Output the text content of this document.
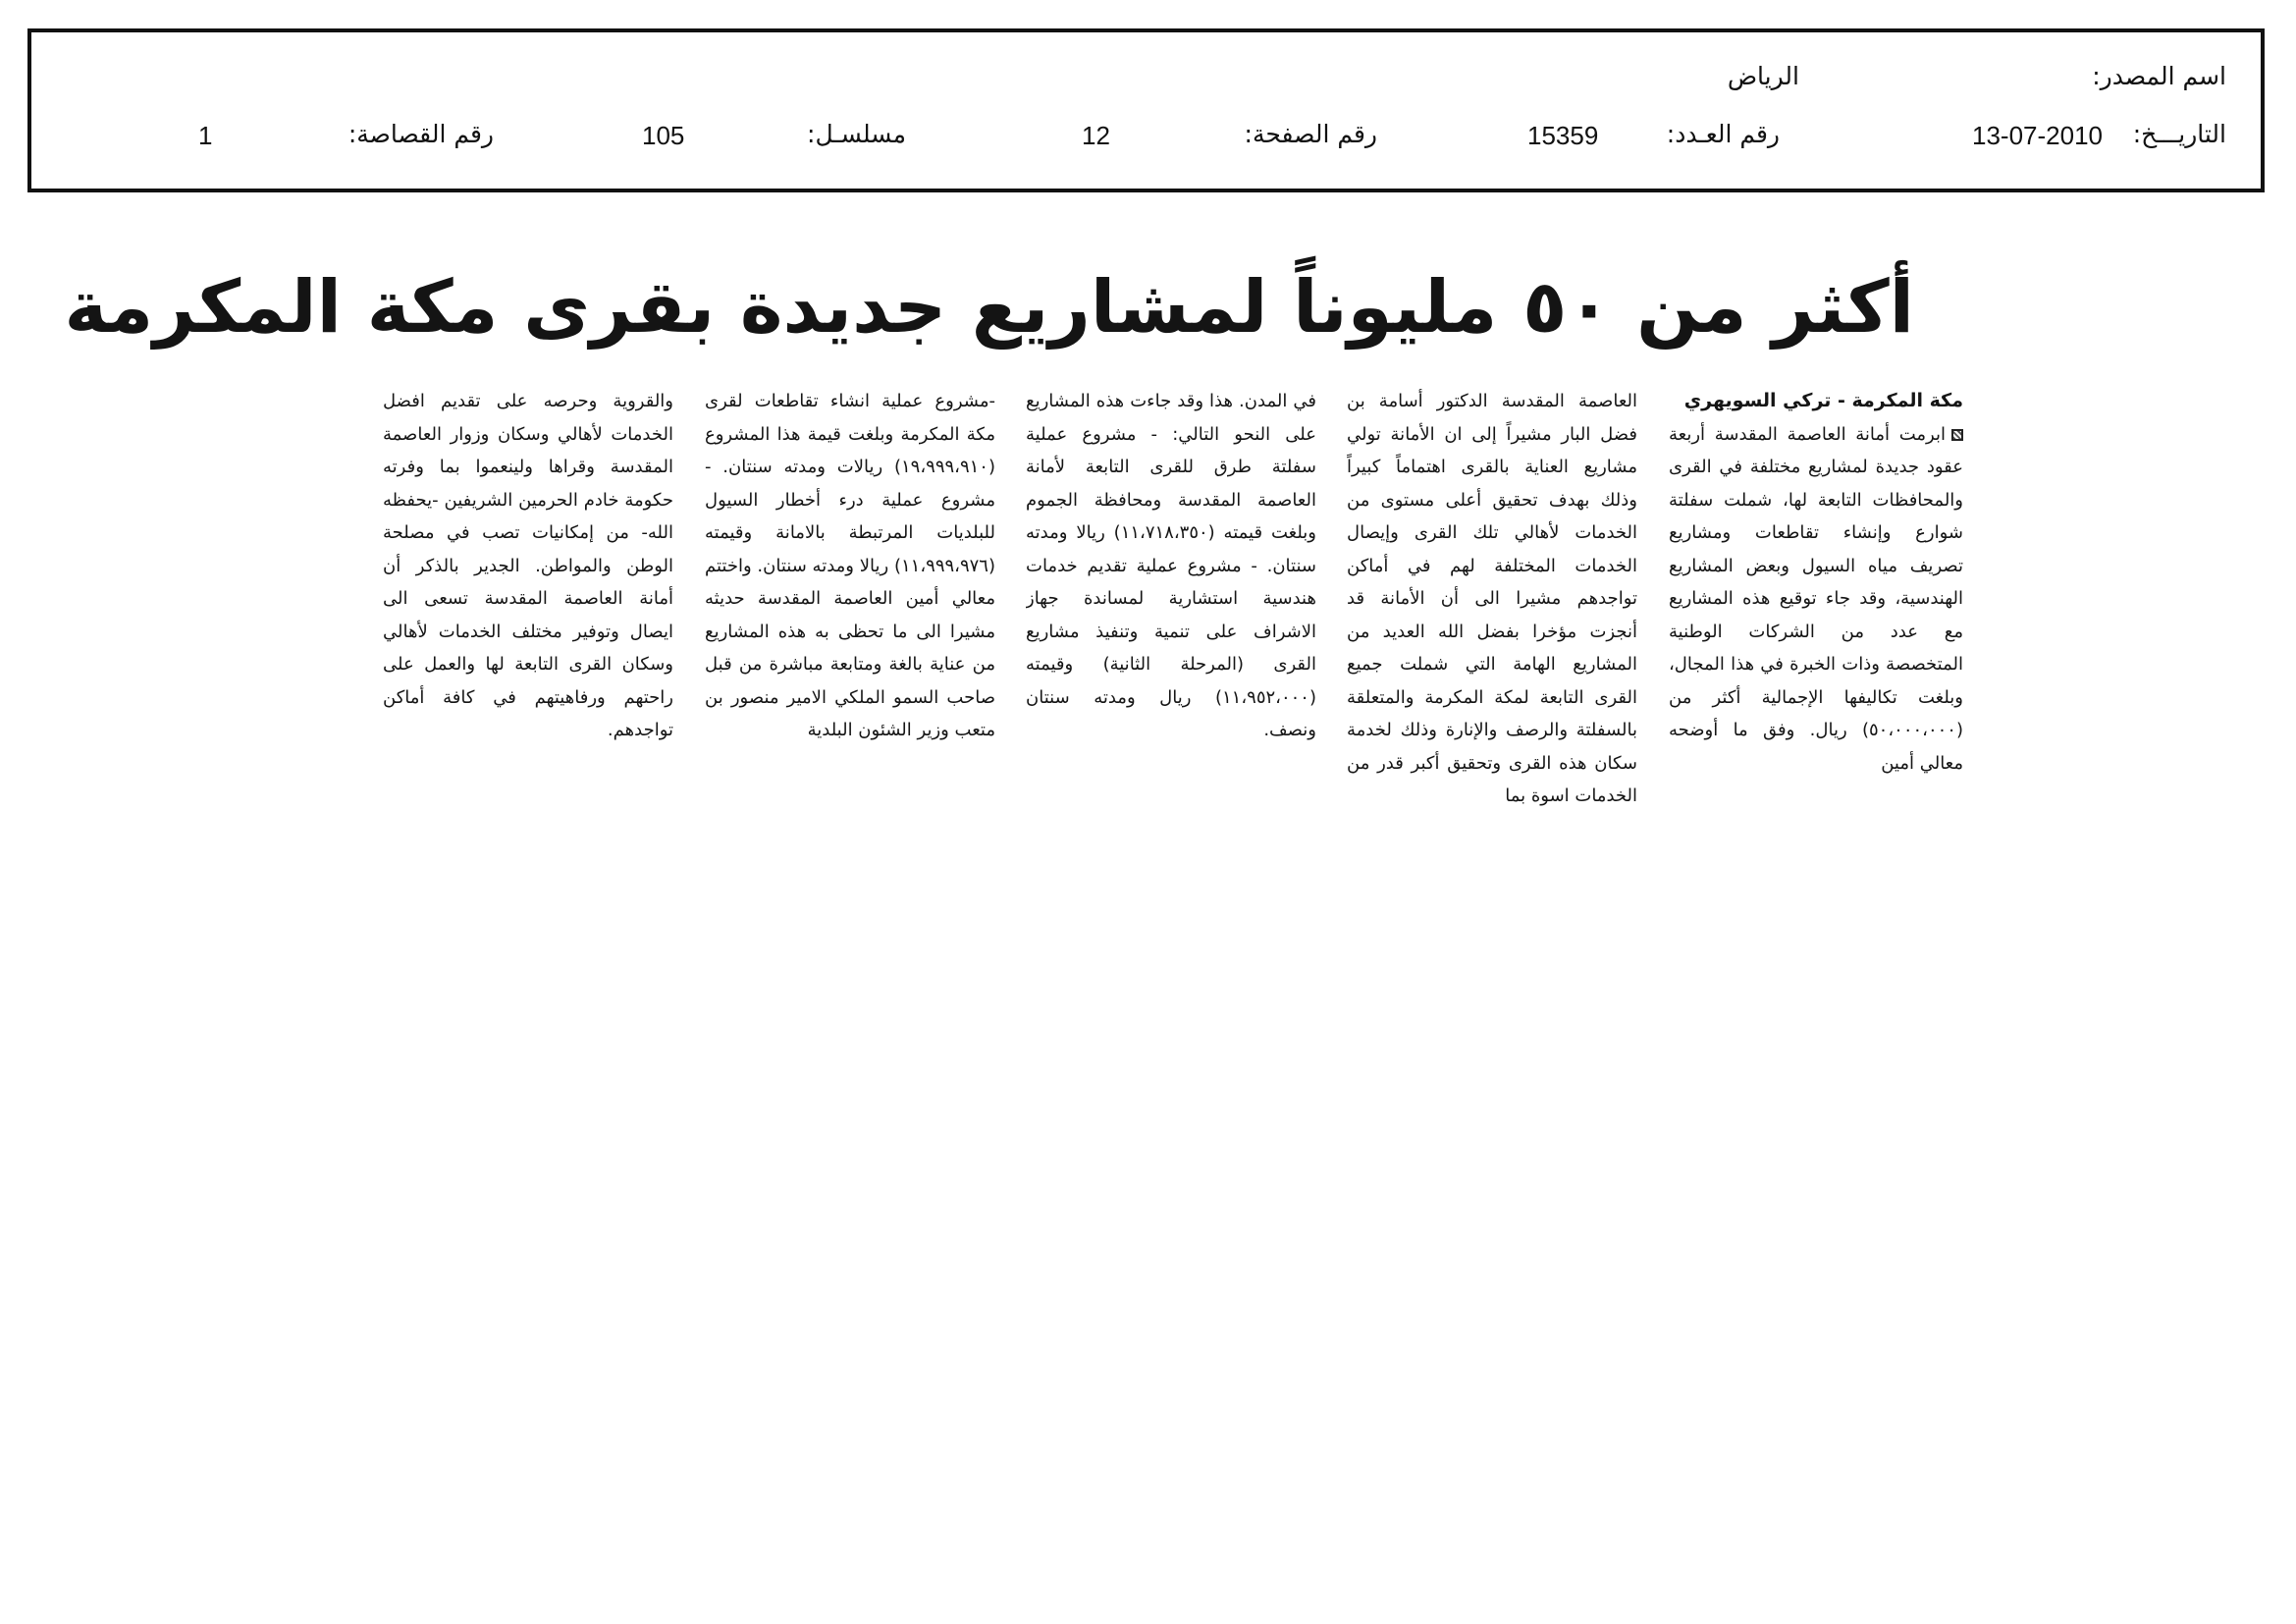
اسم المصدر:
الرياض
التاريـــخ:
13-07-2010
رقم العـدد:
15359
رقم الصفحة:
12
مسلسـل:
105
رقم القصاصة:
1
أكثر من ٥٠ مليوناً لمشاريع جديدة بقرى مكة المكرمة

مكة المكرمة - تركي السويهري

ابرمت أمانة العاصمة المقدسة أربعة عقود جديدة لمشاريع مختلفة في القرى والمحافظات التابعة لها، شملت سفلتة شوارع وإنشاء تقاطعات ومشاريع تصريف مياه السيول وبعض المشاريع الهندسية، وقد جاء توقيع هذه المشاريع مع عدد من الشركات الوطنية المتخصصة وذات الخبرة في هذا المجال، وبلغت تكاليفها الإجمالية أكثر من (٥٠،٠٠٠،٠٠٠) ريال. وفق ما أوضحه معالي أمين

العاصمة المقدسة الدكتور أسامة بن فضل البار مشيراً إلى ان الأمانة تولي مشاريع العناية بالقرى اهتماماً كبيراً وذلك بهدف تحقيق أعلى مستوى من الخدمات لأهالي تلك القرى وإيصال الخدمات المختلفة لهم في أماكن تواجدهم مشيرا الى أن الأمانة قد أنجزت مؤخرا بفضل الله العديد من المشاريع الهامة التي شملت جميع القرى التابعة لمكة المكرمة والمتعلقة بالسفلتة والرصف والإنارة وذلك لخدمة سكان هذه القرى وتحقيق أكبر قدر من الخدمات اسوة بما

في المدن. هذا وقد جاءت هذه المشاريع على النحو التالي: - مشروع عملية سفلتة طرق للقرى التابعة لأمانة العاصمة المقدسة ومحافظة الجموم وبلغت قيمته (١١،٧١٨،٣٥٠) ريالا ومدته سنتان. - مشروع عملية تقديم خدمات هندسية استشارية لمساندة جهاز الاشراف على تنمية وتنفيذ مشاريع القرى (المرحلة الثانية) وقيمته (١١،٩٥٢،٠٠٠) ريال ومدته سنتان ونصف.

-مشروع عملية انشاء تقاطعات لقرى مكة المكرمة وبلغت قيمة هذا المشروع (١٩،٩٩٩،٩١٠) ريالات ومدته سنتان. - مشروع عملية درء أخطار السيول للبلديات المرتبطة بالامانة وقيمته (١١،٩٩٩،٩٧٦) ريالا ومدته سنتان. واختتم معالي أمين العاصمة المقدسة حديثه مشيرا الى ما تحظى به هذه المشاريع من عناية بالغة ومتابعة مباشرة من قبل صاحب السمو الملكي الامير منصور بن متعب وزير الشئون البلدية

والقروية وحرصه على تقديم افضل الخدمات لأهالي وسكان وزوار العاصمة المقدسة وقراها ولينعموا بما وفرته حكومة خادم الحرمين الشريفين -يحفظه الله- من إمكانيات تصب في مصلحة الوطن والمواطن. الجدير بالذكر أن أمانة العاصمة المقدسة تسعى الى ايصال وتوفير مختلف الخدمات لأهالي وسكان القرى التابعة لها والعمل على راحتهم ورفاهيتهم في كافة أماكن تواجدهم.
